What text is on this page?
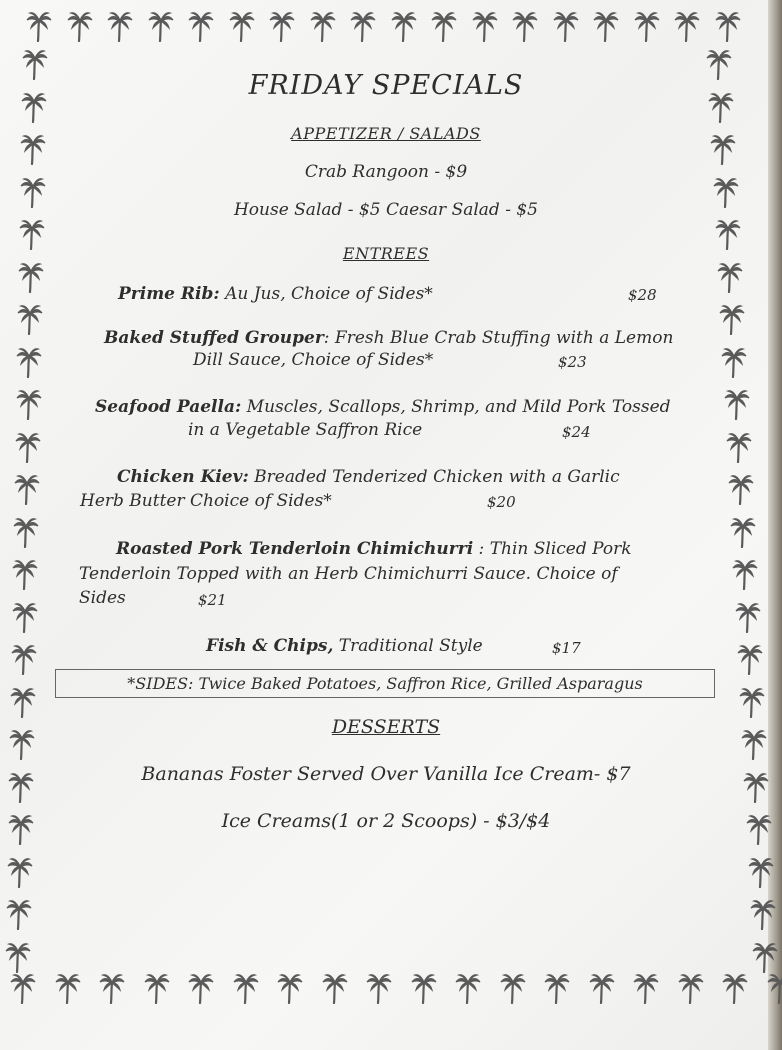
FRIDAY SPECIALS
APPETIZER / SALADS
Crab Rangoon - $9
House Salad - $5 Caesar Salad - $5
ENTREES
Prime Rib: Au Jus, Choice of Sides*	$28
Baked Stuffed Grouper: Fresh Blue Crab Stuffing with a Lemon
Dill Sauce, Choice of Sides*	$23
Seafood Paella: Muscles, Scallops, Shrimp, and Mild Pork Tossed
in a Vegetable Saffron Rice	$24
Chicken Kiev: Breaded Tenderized Chicken with a Garlic
Herb Butter Choice of Sides*	$20
Roasted Pork Tenderloin Chimichurri : Thin Sliced Pork
Tenderloin Topped with an Herb Chimichurri Sauce. Choice of
Sides	$21
Fish & Chips, Traditional Style	$17
*SIDES: Twice Baked Potatoes, Saffron Rice, Grilled Asparagus
DESSERTS
Bananas Foster Served Over Vanilla Ice Cream- $7
Ice Creams(1 or 2 Scoops) - $3/$4
